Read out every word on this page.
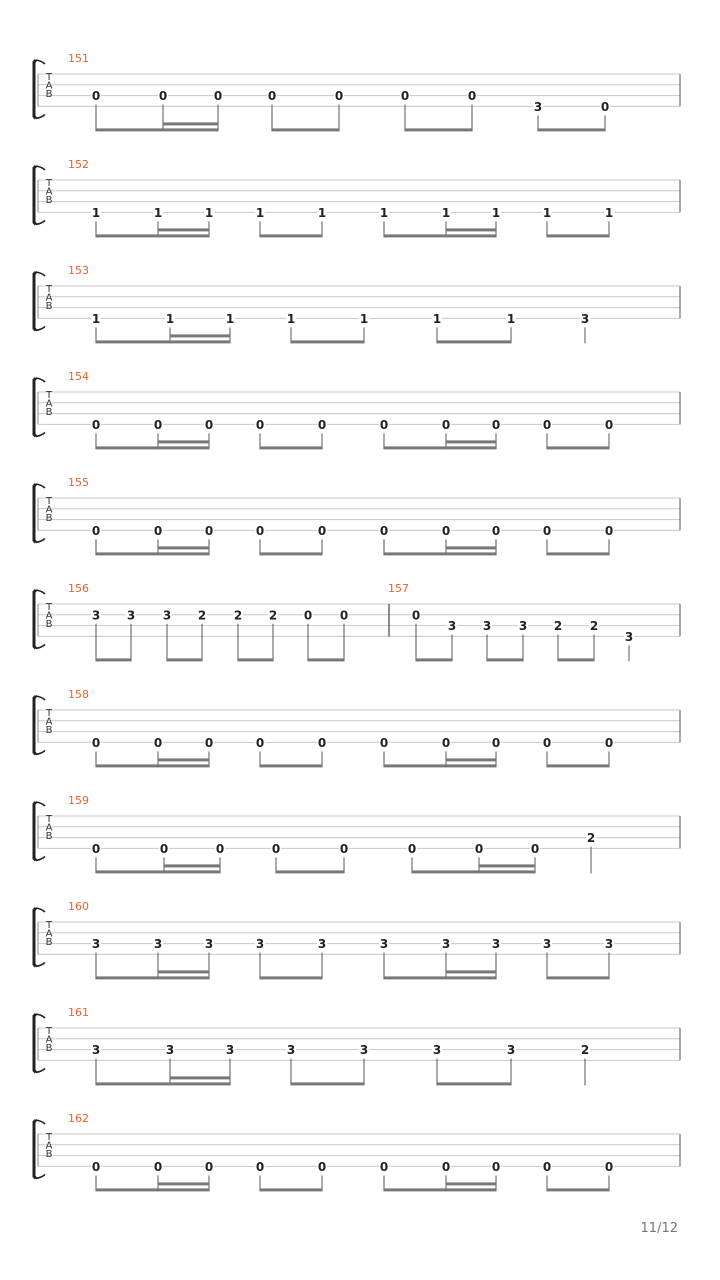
T
A
B
151
0	0	0	0	0	0	0
3	0
T
A
B
152
1	1	1	1	1	1	1	1	1	1
T
A
B
153
1	1	1	1	1	1	1	3
T
A
B
154
0	0	0	0	0	0	0	0	0	0
T
A
B
155
0	0	0	0	0	0	0	0	0	0
T
A
B
156
3 3 3 2 2 2 0 0
157
0
3 3 3 2 2
3
T
A
B
158
0	0	0	0	0	0	0	0	0	0
T
A
B
159
0	0	0	0	0	0	0	0
2
T
A
B
160
3	3	3	3	3	3	3	3	3	3
T
A
B
161
3	3	3	3	3	3	3	2
T
A
B
162
0	0	0	0	0	0	0	0	0	0
11/12
